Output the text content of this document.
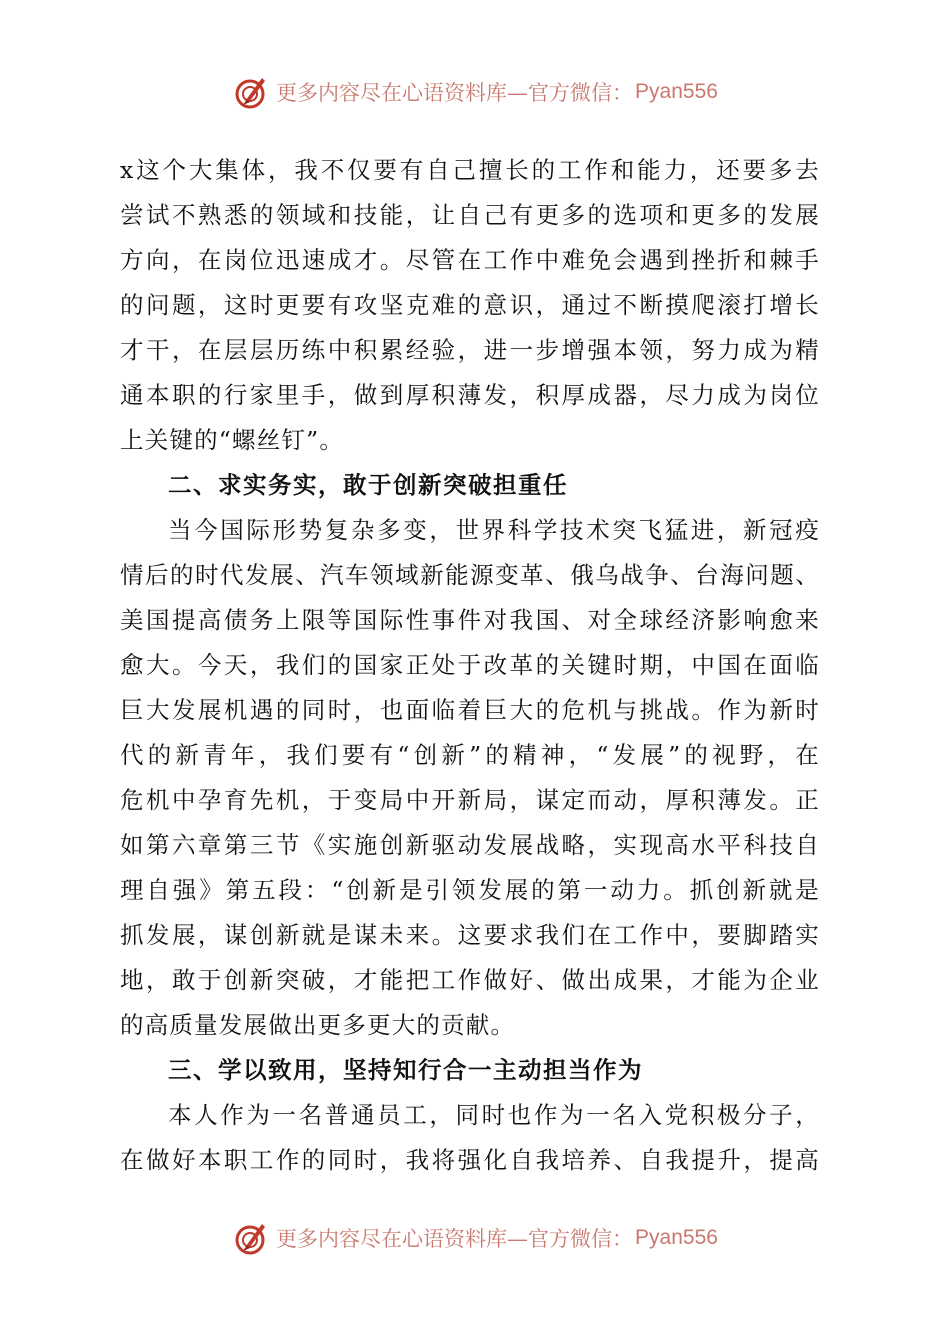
更多内容尽在心语资料库—官方微信： Pyan556
x这个大集体，我不仅要有自己擅长的工作和能力，还要多去
尝试不熟悉的领域和技能，让自己有更多的选项和更多的发展
方向，在岗位迅速成才。尽管在工作中难免会遇到挫折和棘手
的问题，这时更要有攻坚克难的意识，通过不断摸爬滚打增长
才干，在层层历练中积累经验，进一步增强本领，努力成为精
通本职的行家里手，做到厚积薄发，积厚成器，尽力成为岗位
上关键的“螺丝钉”。
二、求实务实，敢于创新突破担重任
当今国际形势复杂多变，世界科学技术突飞猛进，新冠疫
情后的时代发展、汽车领域新能源变革、俄乌战争、台海问题、
美国提高债务上限等国际性事件对我国、对全球经济影响愈来
愈大。今天，我们的国家正处于改革的关键时期，中国在面临
巨大发展机遇的同时，也面临着巨大的危机与挑战。作为新时
代的新青年，我们要有“创新”的精神，“发展”的视野，在
危机中孕育先机，于变局中开新局，谋定而动，厚积薄发。正
如第六章第三节《实施创新驱动发展战略，实现高水平科技自
理自强》第五段：“创新是引领发展的第一动力。抓创新就是
抓发展，谋创新就是谋未来。这要求我们在工作中，要脚踏实
地，敢于创新突破，才能把工作做好、做出成果，才能为企业
的高质量发展做出更多更大的贡献。
三、学以致用，坚持知行合一主动担当作为
本人作为一名普通员工，同时也作为一名入党积极分子，
在做好本职工作的同时，我将强化自我培养、自我提升，提高
更多内容尽在心语资料库—官方微信： Pyan556
